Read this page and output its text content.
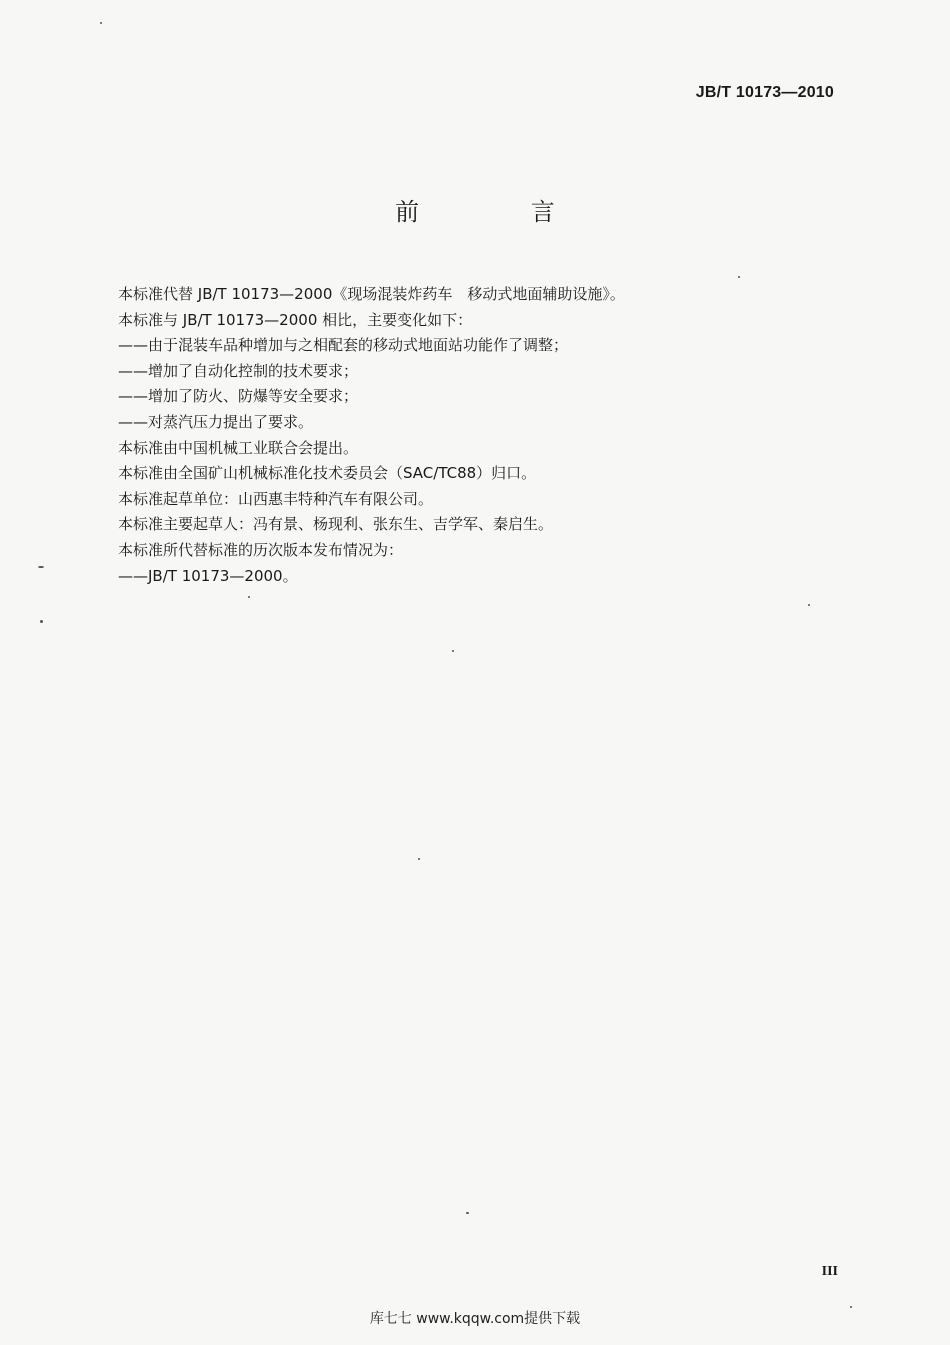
JB/T 10173—2010
前 言

本标准代替 JB/T 10173—2000《现场混装炸药车　移动式地面辅助设施》。

本标准与 JB/T 10173—2000 相比，主要变化如下：

——由于混装车品种增加与之相配套的移动式地面站功能作了调整；

——增加了自动化控制的技术要求；

——增加了防火、防爆等安全要求；

——对蒸汽压力提出了要求。

本标准由中国机械工业联合会提出。

本标准由全国矿山机械标准化技术委员会（SAC/TC88）归口。

本标准起草单位：山西惠丰特种汽车有限公司。

本标准主要起草人：冯有景、杨现利、张东生、吉学军、秦启生。

本标准所代替标准的历次版本发布情况为：

——JB/T 10173—2000。

III
库七七 www.kqqw.com提供下载
